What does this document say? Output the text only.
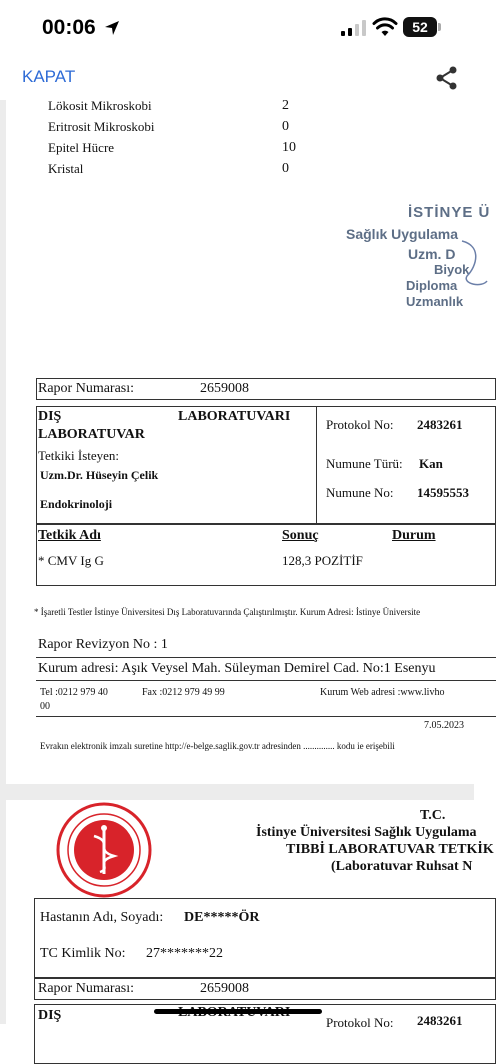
00:06	52
KAPAT
Lökosit Mikroskobi	2
Eritrosit Mikroskobi	0
Epitel Hücre	10
Kristal	0
İSTİNYE Ü
Sağlık Uygulama
Uzm. D
Biyok
Diploma
Uzmanlık
Rapor Numarası:	2659008
DIŞ	LABORATUVARI
LABORATUVAR
Protokol No: 2483261
Tetkiki İsteyen:
Uzm.Dr. Hüseyin Çelik
Numune Türü: Kan
Numune No: 14595553
Endokrinoloji
Tetkik Adı	Sonuç	Durum
* CMV Ig G	128,3 POZİTİF
* İşaretli Testler İstinye Üniversitesi Dış Laboratuvarında Çalıştırılmıştır. Kurum Adresi: İstinye Üniversite
Rapor Revizyon No : 1
Kurum adresi: Aşık Veysel Mah. Süleyman Demirel Cad. No:1 Esenyu
Tel :0212 979 40
00
Fax :0212 979 49 99	Kurum Web adresi :www.livho
7.05.2023
Evrakın elektronik imzalı suretine http://e-belge.saglik.gov.tr adresinden .............. kodu ie erişebili
T.C.
İstinye Üniversitesi Sağlık Uygulama
TIBBİ LABORATUVAR TETKİK
(Laboratuvar Ruhsat N
Hastanın Adı, Soyadı: DE*****ÖR
TC Kimlik No: 27*******22
Rapor Numarası:	2659008
DIŞ	Protokol No: 2483261
